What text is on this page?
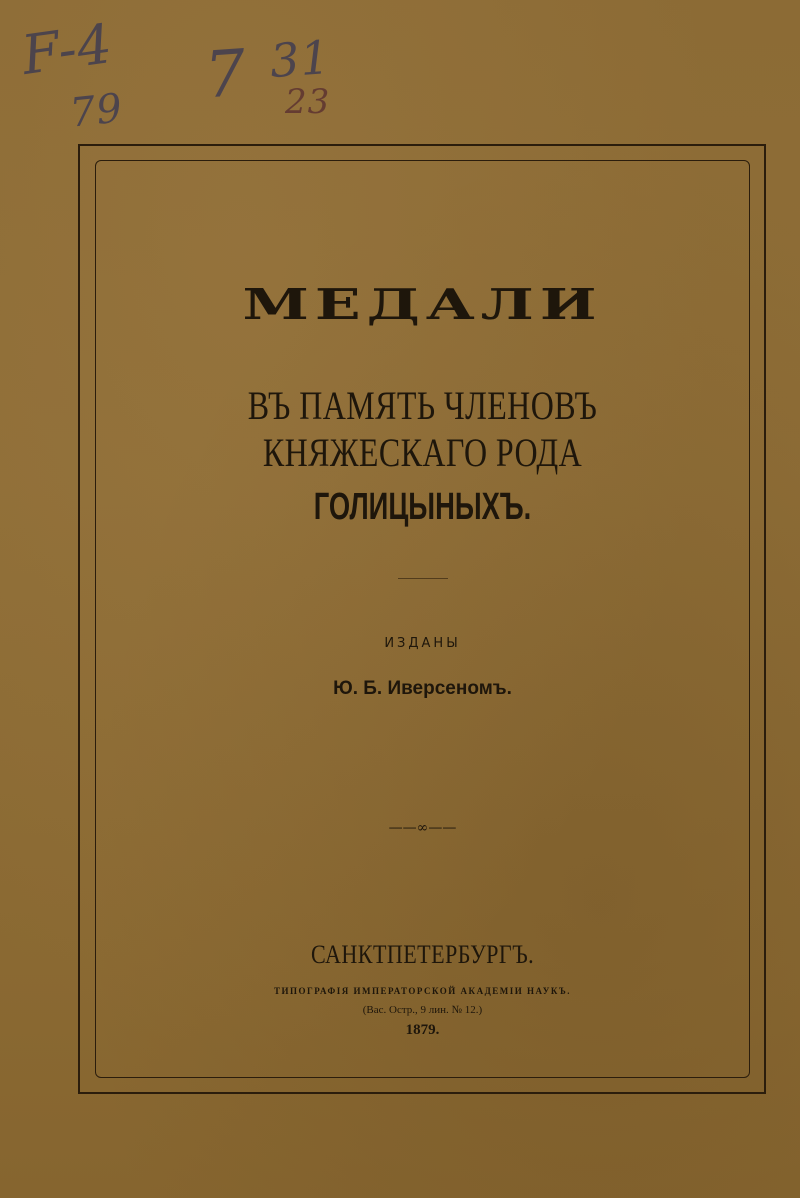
F-4
79 7 31
23
МЕДАЛИ
ВЪ ПАМЯТЬ ЧЛЕНОВЪ КНЯЖЕСКАГО РОДА
ГОЛИЦЫНЫХЪ.
ИЗДАНЫ
Ю. Б. Иверсеномъ.
——∞——
САНКТПЕТЕРБУРГЪ.
ТИПОГРАФІЯ ИМПЕРАТОРСКОЙ АКАДЕМІИ НАУКЪ.
(Вас. Остр., 9 лин. № 12.)
1879.
